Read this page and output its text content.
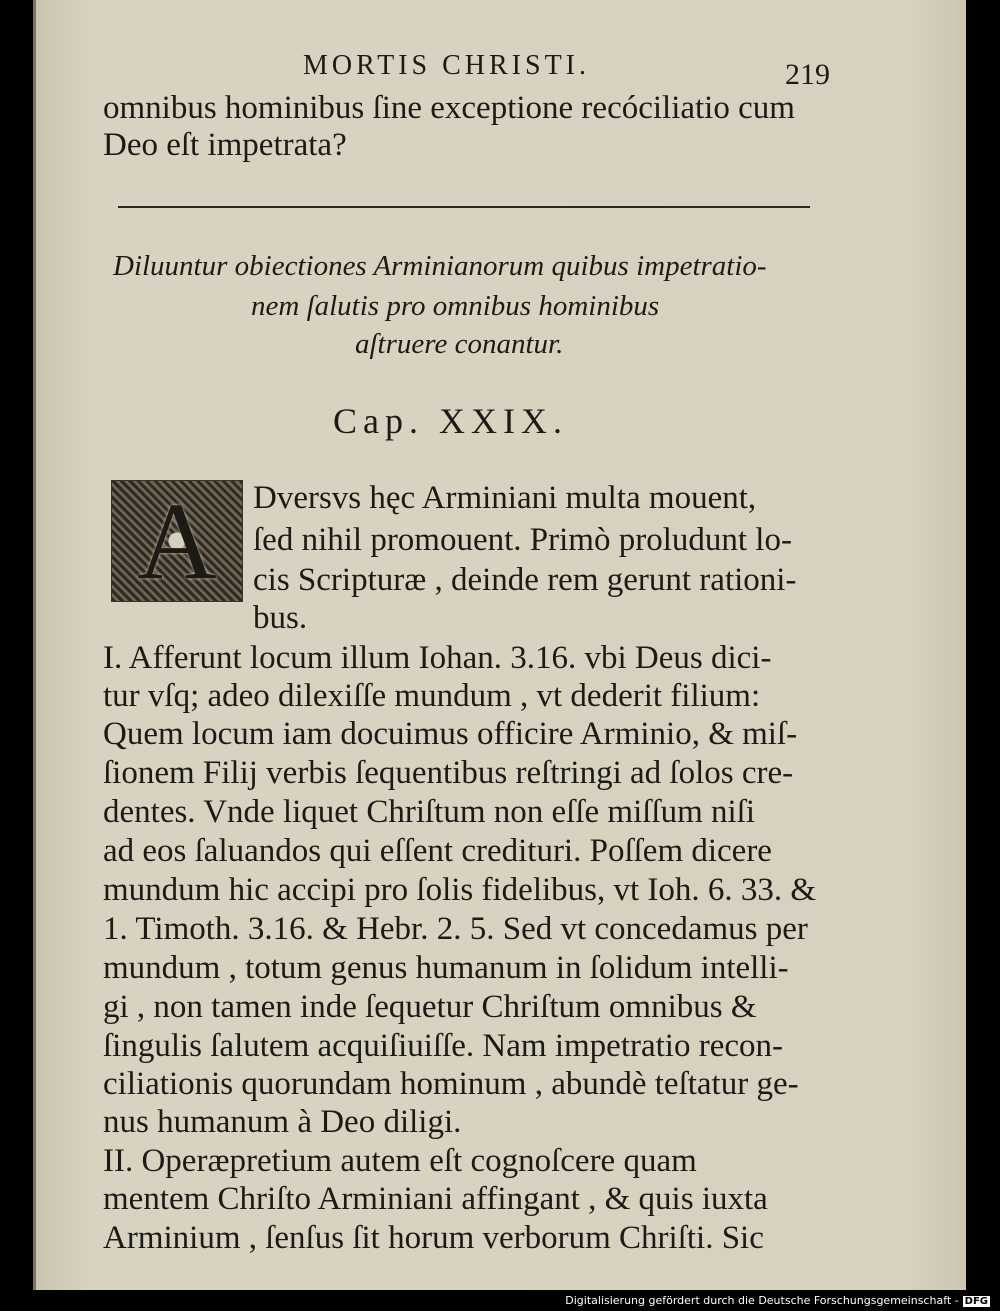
MORTIS CHRISTI.	219
omnibus hominibus ſine exceptione recóciliatio cum
Deo eſt impetrata?
Diluuntur obiectiones Arminianorum quibus impetratio-
nem ſalutis pro omnibus hominibus
aſtruere conantur.
Cap. XXIX.
A	Dversvs hęc Arminiani multa mouent,
ſed nihil promouent. Primò proludunt lo-
cis Scripturæ , deinde rem gerunt rationi-
bus.
I. Afferunt locum illum Iohan. 3.16. vbi Deus dici-
tur vſq; adeo dilexiſſe mundum , vt dederit filium:
Quem locum iam docuimus officire Arminio, & miſ-
ſionem Filij verbis ſequentibus reſtringi ad ſolos cre-
dentes. Vnde liquet Chriſtum non eſſe miſſum niſi
ad eos ſaluandos qui eſſent credituri. Poſſem dicere
mundum hic accipi pro ſolis fidelibus, vt Ioh. 6. 33. &
1. Timoth. 3.16. & Hebr. 2. 5. Sed vt concedamus per
mundum , totum genus humanum in ſolidum intelli-
gi , non tamen inde ſequetur Chriſtum omnibus &
ſingulis ſalutem acquiſiuiſſe. Nam impetratio recon-
ciliationis quorundam hominum , abundè teſtatur ge-
nus humanum à Deo diligi.
II. Operæpretium autem eſt cognoſcere quam
mentem Chriſto Arminiani affingant , & quis iuxta
Arminium , ſenſus ſit horum verborum Chriſti. Sic
Digitalisierung gefördert durch die Deutsche Forschungsgemeinschaft - DFG
